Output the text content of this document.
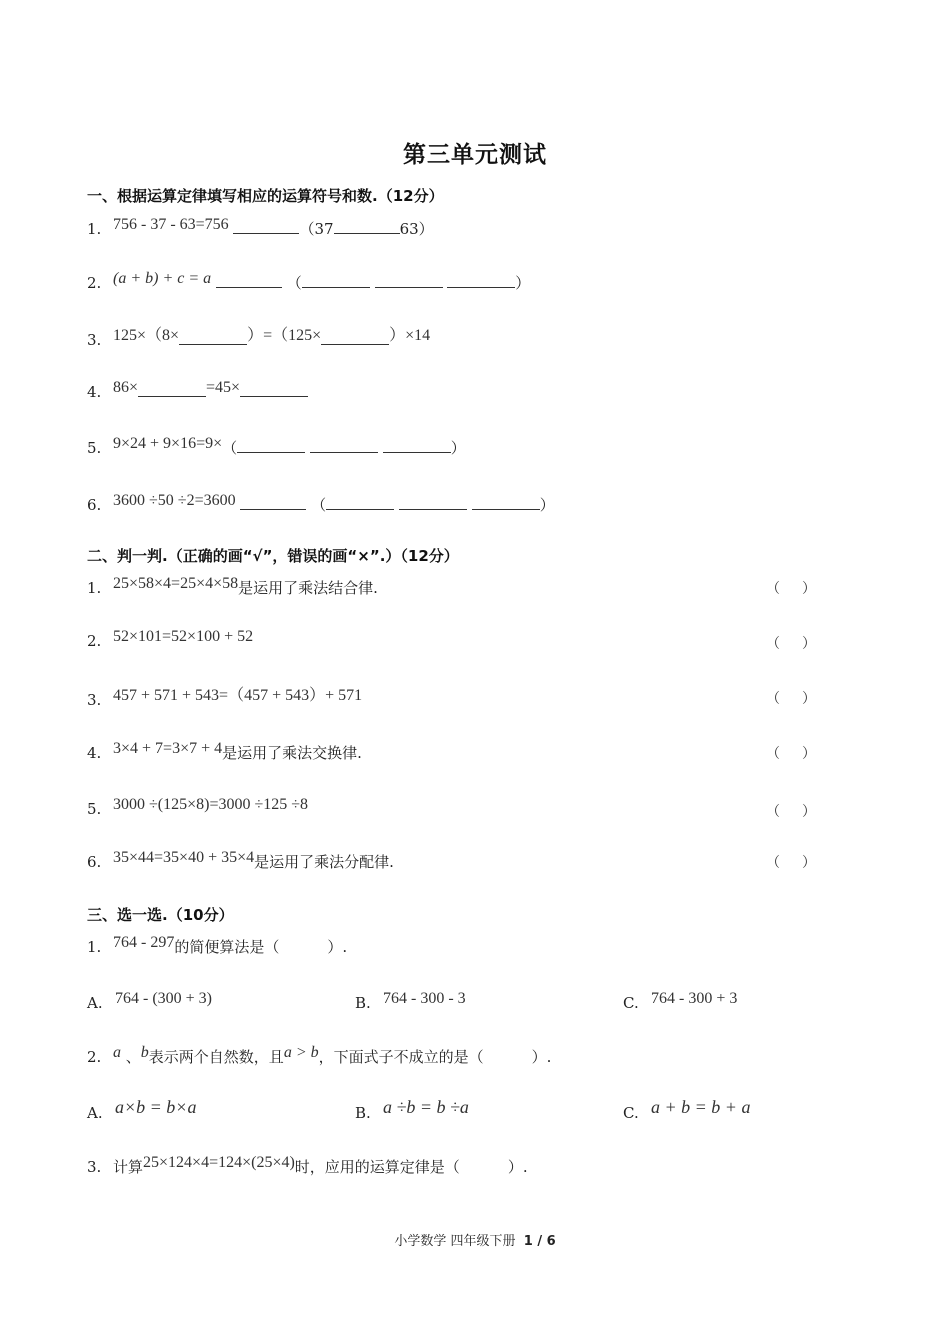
第三单元测试
一、根据运算定律填写相应的运算符号和数.（12分）
1. 756 - 37 - 63=756	（37	63）
2. (a + b) + c = a	（	）
3. 125×（8×	）=（125×	）×14
4. 86×	=45×
5. 9×24 + 9×16=9×（	）
6. 3600 ÷50 ÷2=3600	（	）
二、判一判.（正确的画“√”，错误的画“×”.）（12分）
1. 25×58×4=25×4×58是运用了乘法结合律.	（ ）
2. 52×101=52×100 + 52	（ ）
3. 457 + 571 + 543=（457 + 543）+ 571	（ ）
4. 3×4 + 7=3×7 + 4是运用了乘法交换律.	（ ）
5. 3000 ÷(125×8)=3000 ÷125 ÷8	（ ）
6. 35×44=35×40 + 35×4是运用了乘法分配律.	（ ）
三、选一选.（10分）
1. 764 - 297的简便算法是（	）.
A. 764 - (300 + 3)	B. 764 - 300 - 3	C. 764 - 300 + 3
2. a 、b表示两个自然数，且a > b，下面式子不成立的是（	）.
A. a×b = b×a	B. a ÷b = b ÷a	C. a + b = b + a
3. 计算25×124×4=124×(25×4)时，应用的运算定律是（	）.
小学数学 四年级下册 1 / 6
